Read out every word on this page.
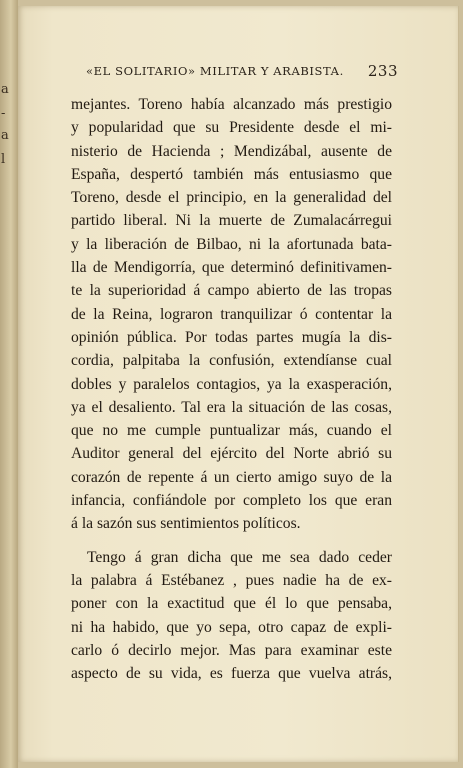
a
-
a
l
«EL SOLITARIO» MILITAR Y ARABISTA. 233
mejantes. Toreno había alcanzado más prestigio
y popularidad que su Presidente desde el mi-
nisterio de Hacienda ; Mendizábal, ausente de
España, despertó también más entusiasmo que
Toreno, desde el principio, en la generalidad del
partido liberal. Ni la muerte de Zumalacárregui
y la liberación de Bilbao, ni la afortunada bata-
lla de Mendigorría, que determinó definitivamen-
te la superioridad á campo abierto de las tropas
de la Reina, lograron tranquilizar ó contentar la
opinión pública. Por todas partes mugía la dis-
cordia, palpitaba la confusión, extendíanse cual
dobles y paralelos contagios, ya la exasperación,
ya el desaliento. Tal era la situación de las cosas,
que no me cumple puntualizar más, cuando el
Auditor general del ejército del Norte abrió su
corazón de repente á un cierto amigo suyo de la
infancia, confiándole por completo los que eran
á la sazón sus sentimientos políticos.
Tengo á gran dicha que me sea dado ceder
la palabra á Estébanez , pues nadie ha de ex-
poner con la exactitud que él lo que pensaba,
ni ha habido, que yo sepa, otro capaz de expli-
carlo ó decirlo mejor. Mas para examinar este
aspecto de su vida, es fuerza que vuelva atrás,
